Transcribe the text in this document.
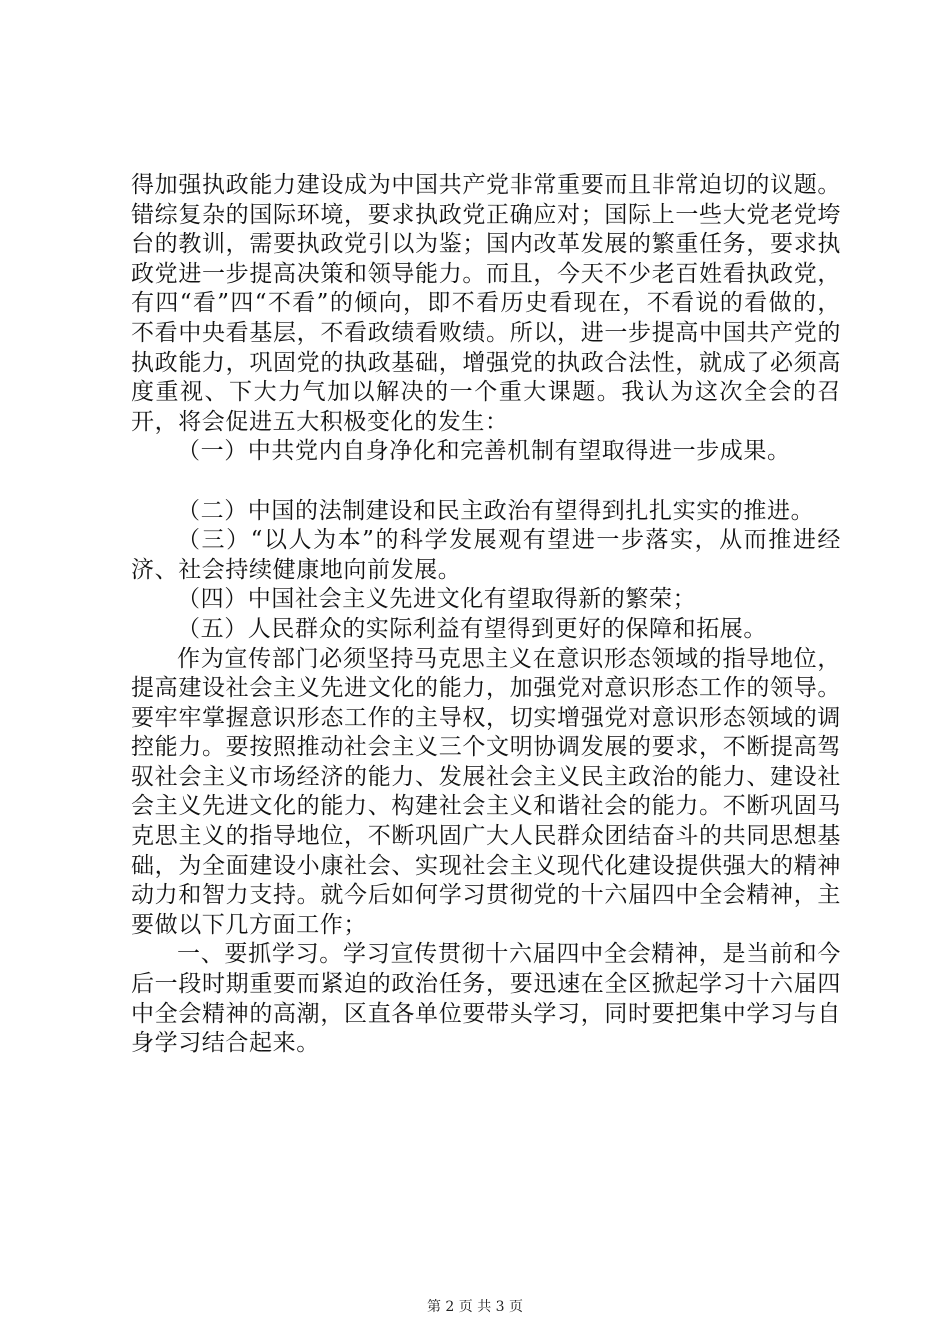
得加强执政能力建设成为中国共产党非常重要而且非常迫切的议题。错综复杂的国际环境，要求执政党正确应对；国际上一些大党老党垮台的教训，需要执政党引以为鉴；国内改革发展的繁重任务，要求执政党进一步提高决策和领导能力。而且，今天不少老百姓看执政党，有四“看”四“不看”的倾向，即不看历史看现在，不看说的看做的，不看中央看基层，不看政绩看败绩。所以，进一步提高中国共产党的执政能力，巩固党的执政基础，增强党的执政合法性，就成了必须高度重视、下大力气加以解决的一个重大课题。我认为这次全会的召开，将会促进五大积极变化的发生：

（一）中共党内自身净化和完善机制有望取得进一步成果。

（二）中国的法制建设和民主政治有望得到扎扎实实的推进。

（三）“以人为本”的科学发展观有望进一步落实，从而推进经济、社会持续健康地向前发展。

（四）中国社会主义先进文化有望取得新的繁荣；

（五）人民群众的实际利益有望得到更好的保障和拓展。

作为宣传部门必须坚持马克思主义在意识形态领域的指导地位，提高建设社会主义先进文化的能力，加强党对意识形态工作的领导。要牢牢掌握意识形态工作的主导权，切实增强党对意识形态领域的调控能力。要按照推动社会主义三个文明协调发展的要求，不断提高驾驭社会主义市场经济的能力、发展社会主义民主政治的能力、建设社会主义先进文化的能力、构建社会主义和谐社会的能力。不断巩固马克思主义的指导地位，不断巩固广大人民群众团结奋斗的共同思想基础，为全面建设小康社会、实现社会主义现代化建设提供强大的精神动力和智力支持。就今后如何学习贯彻党的十六届四中全会精神，主要做以下几方面工作；

一、要抓学习。学习宣传贯彻十六届四中全会精神，是当前和今后一段时期重要而紧迫的政治任务，要迅速在全区掀起学习十六届四中全会精神的高潮，区直各单位要带头学习，同时要把集中学习与自身学习结合起来。

第 2 页 共 3 页
